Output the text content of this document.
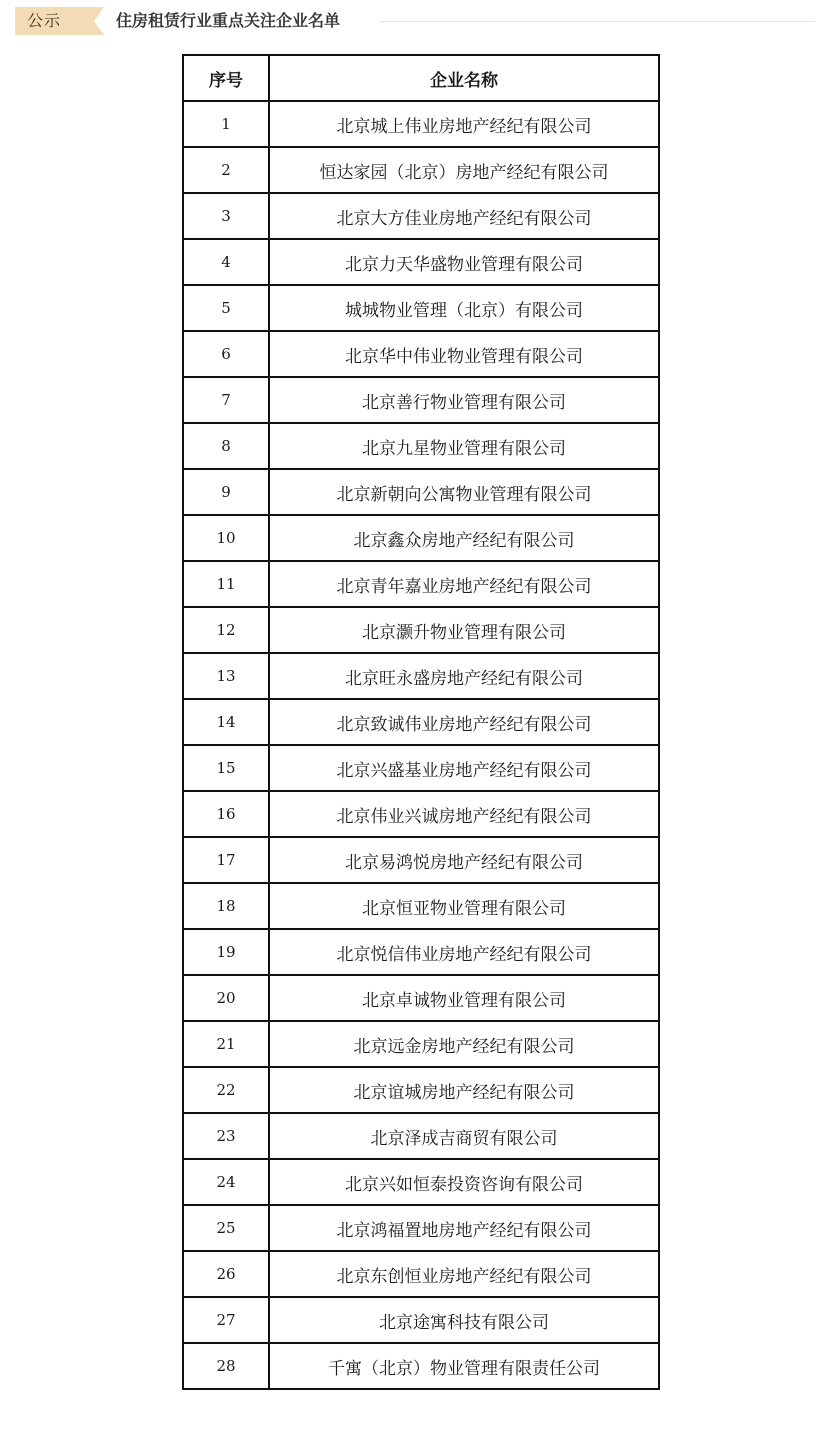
公示	住房租赁行业重点关注企业名单
序号	企业名称
1	北京城上伟业房地产经纪有限公司
2	恒达家园（北京）房地产经纪有限公司
3	北京大方佳业房地产经纪有限公司
4	北京力天华盛物业管理有限公司
5	城城物业管理（北京）有限公司
6	北京华中伟业物业管理有限公司
7	北京善行物业管理有限公司
8	北京九星物业管理有限公司
9	北京新朝向公寓物业管理有限公司
10	北京鑫众房地产经纪有限公司
11	北京青年嘉业房地产经纪有限公司
12	北京灏升物业管理有限公司
13	北京旺永盛房地产经纪有限公司
14	北京致诚伟业房地产经纪有限公司
15	北京兴盛基业房地产经纪有限公司
16	北京伟业兴诚房地产经纪有限公司
17	北京易鸿悦房地产经纪有限公司
18	北京恒亚物业管理有限公司
19	北京悦信伟业房地产经纪有限公司
20	北京卓诚物业管理有限公司
21	北京远金房地产经纪有限公司
22	北京谊城房地产经纪有限公司
23	北京泽成吉商贸有限公司
24	北京兴如恒泰投资咨询有限公司
25	北京鸿福置地房地产经纪有限公司
26	北京东创恒业房地产经纪有限公司
27	北京途寓科技有限公司
28	千寓（北京）物业管理有限责任公司
